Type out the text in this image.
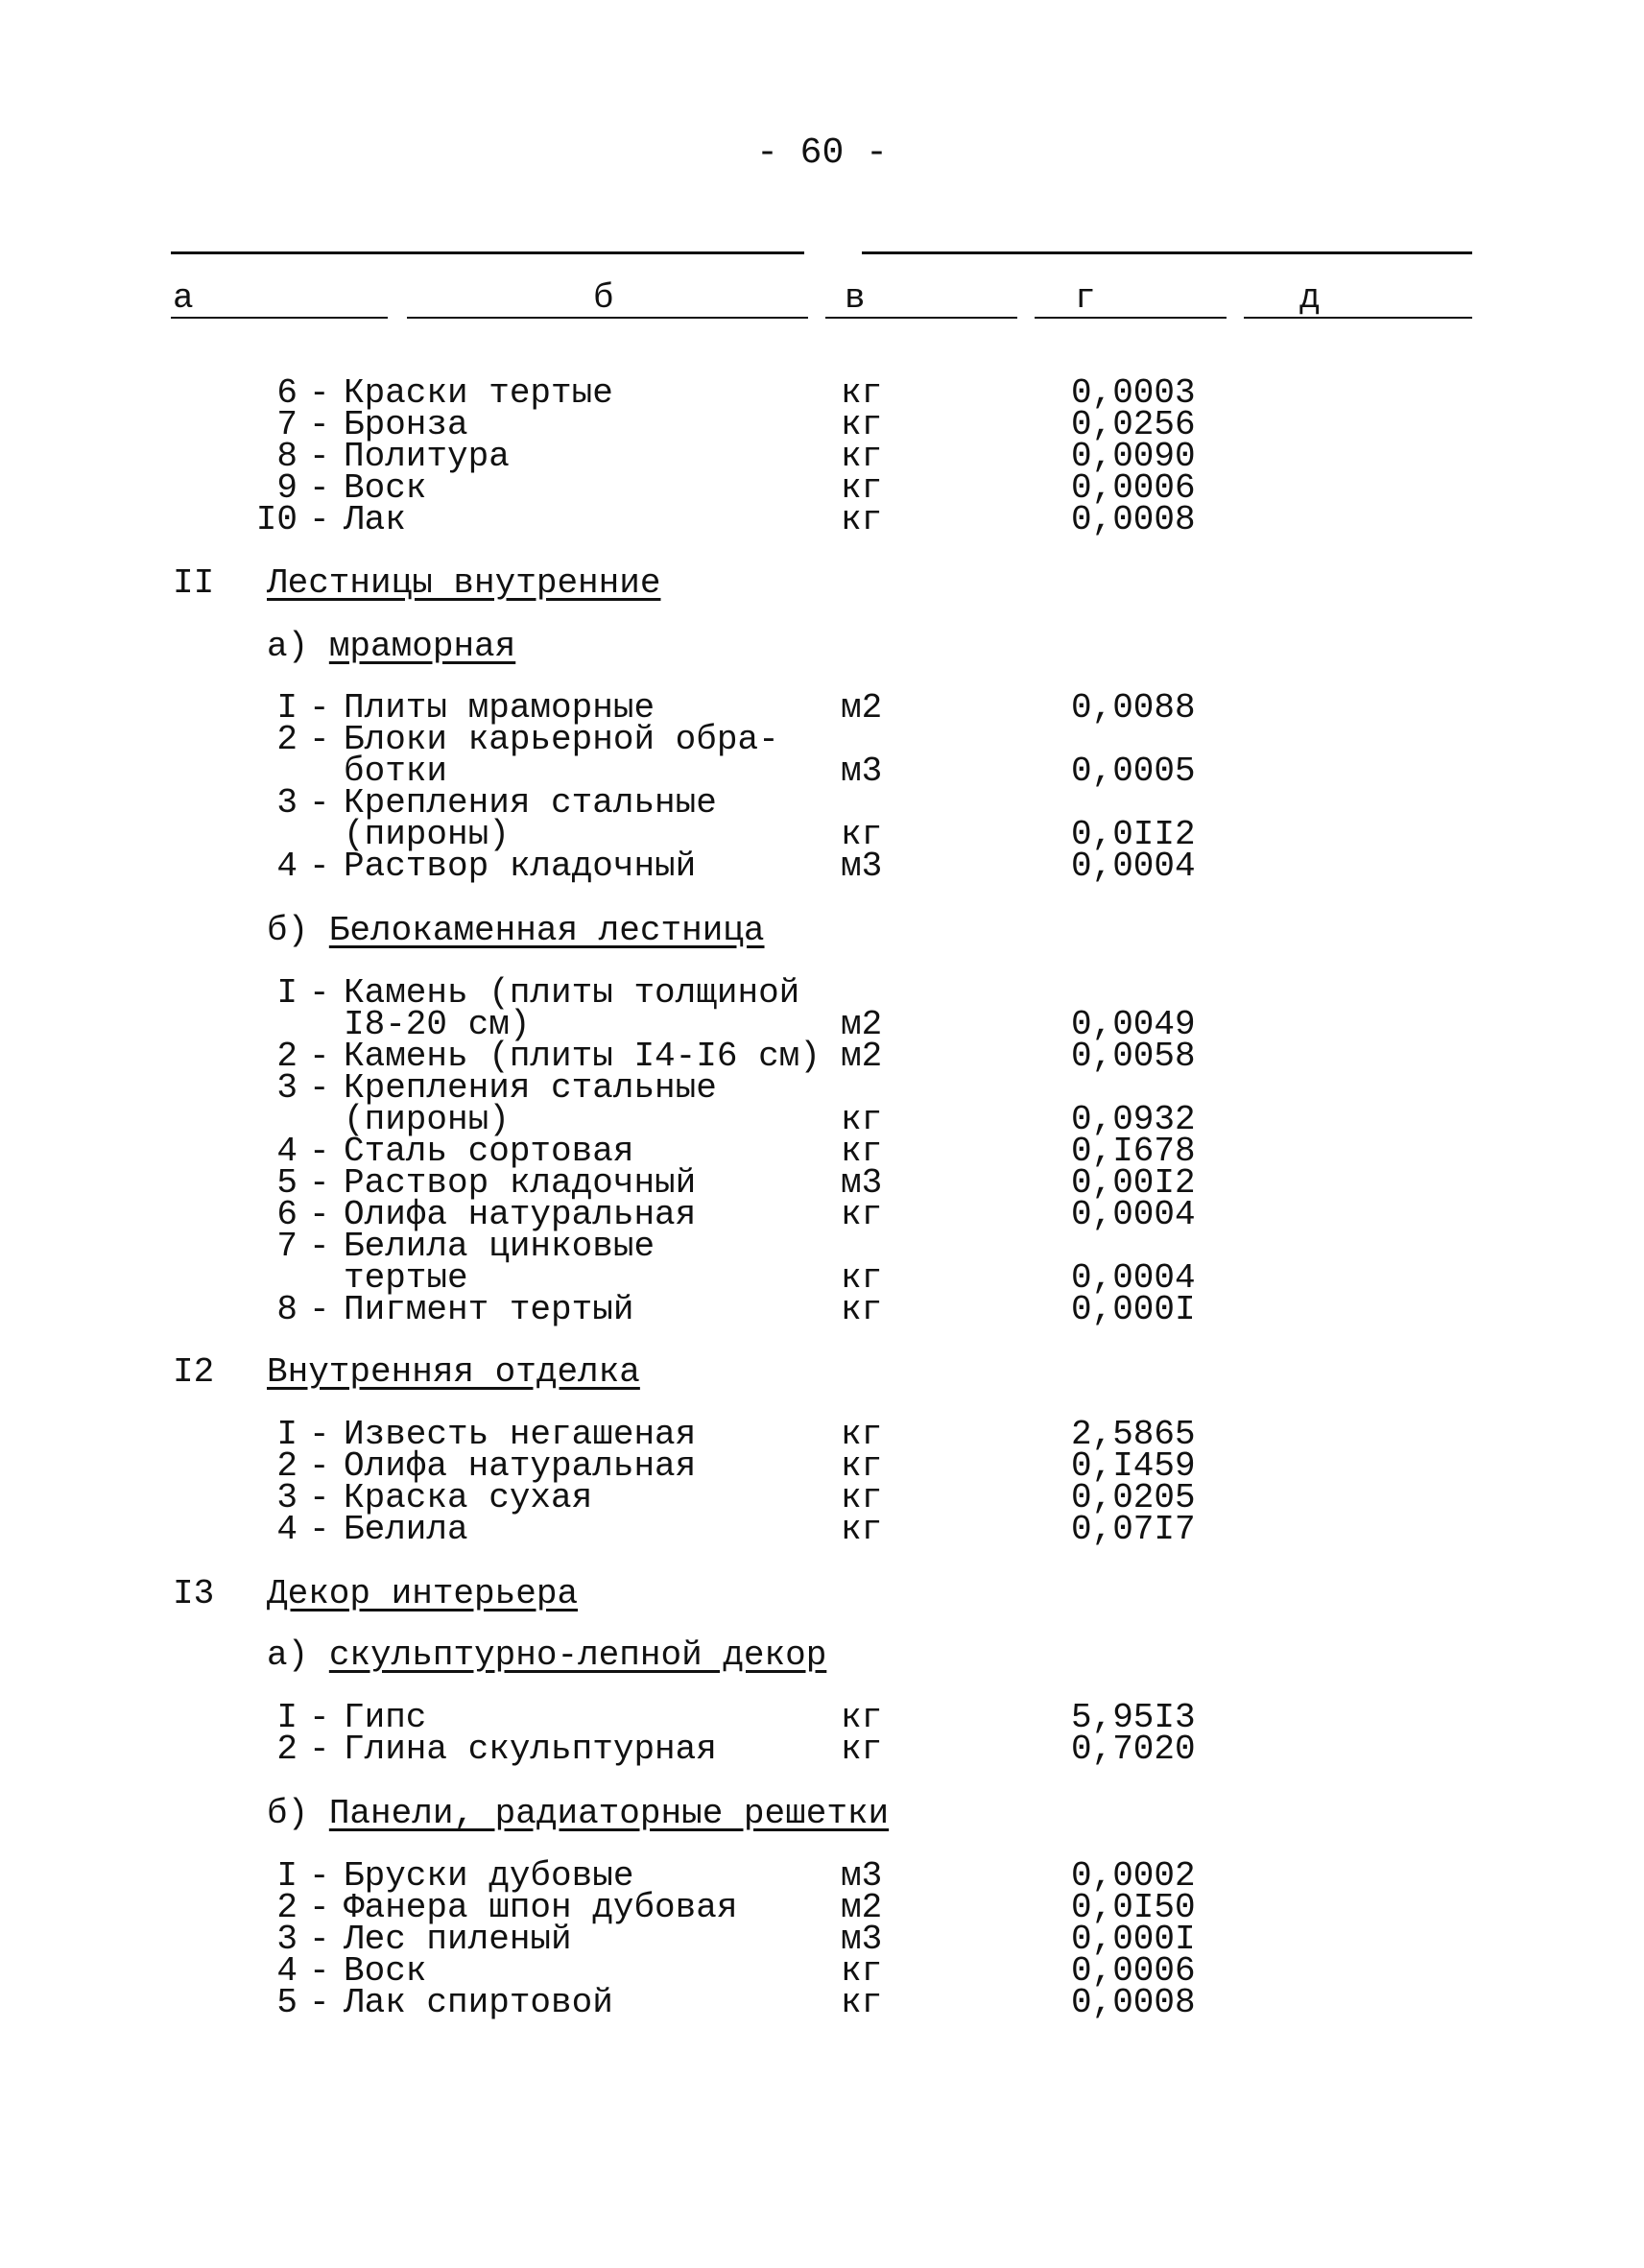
- 60 -
а	б	в	г	д
II Лестницы внутренние
а) мраморная
б) Белокаменная лестница
I2 Внутренняя отделка
I3 Декор интерьера
а) скульптурно-лепной декор
б) Панели, радиаторные решетки
6 - Краски тертые	кг	0,0003
7 - Бронза	кг	0,0256
8 - Политура	кг	0,0090
9 - Воск	кг	0,0006
I0 - Лак	кг	0,0008
I - Плиты мраморные	м2	0,0088
2 - Блоки карьерной обра-
ботки	м3	0,0005
3 - Крепления стальные
(пироны)	кг	0,0II2
4 - Раствор кладочный	м3	0,0004
I - Камень (плиты толщиной
I8-20 см)	м2	0,0049
2 - Камень (плиты I4-I6 см) м2	0,0058
3 - Крепления стальные
(пироны)	кг	0,0932
4 - Сталь сортовая	кг	0,I678
5 - Раствор кладочный	м3	0,00I2
6 - Олифа натуральная	кг	0,0004
7 - Белила цинковые
тертые	кг	0,0004
8 - Пигмент тертый	кг	0,000I
I - Известь негашеная	кг	2,5865
2 - Олифа натуральная	кг	0,I459
3 - Краска сухая	кг	0,0205
4 - Белила	кг	0,07I7
I - Гипс	кг	5,95I3
2 - Глина скульптурная	кг	0,7020
I - Бруски дубовые	м3	0,0002
2 - Фанера шпон дубовая	м2	0,0I50
3 - Лес пиленый	м3	0,000I
4 - Воск	кг	0,0006
5 - Лак спиртовой	кг	0,0008
